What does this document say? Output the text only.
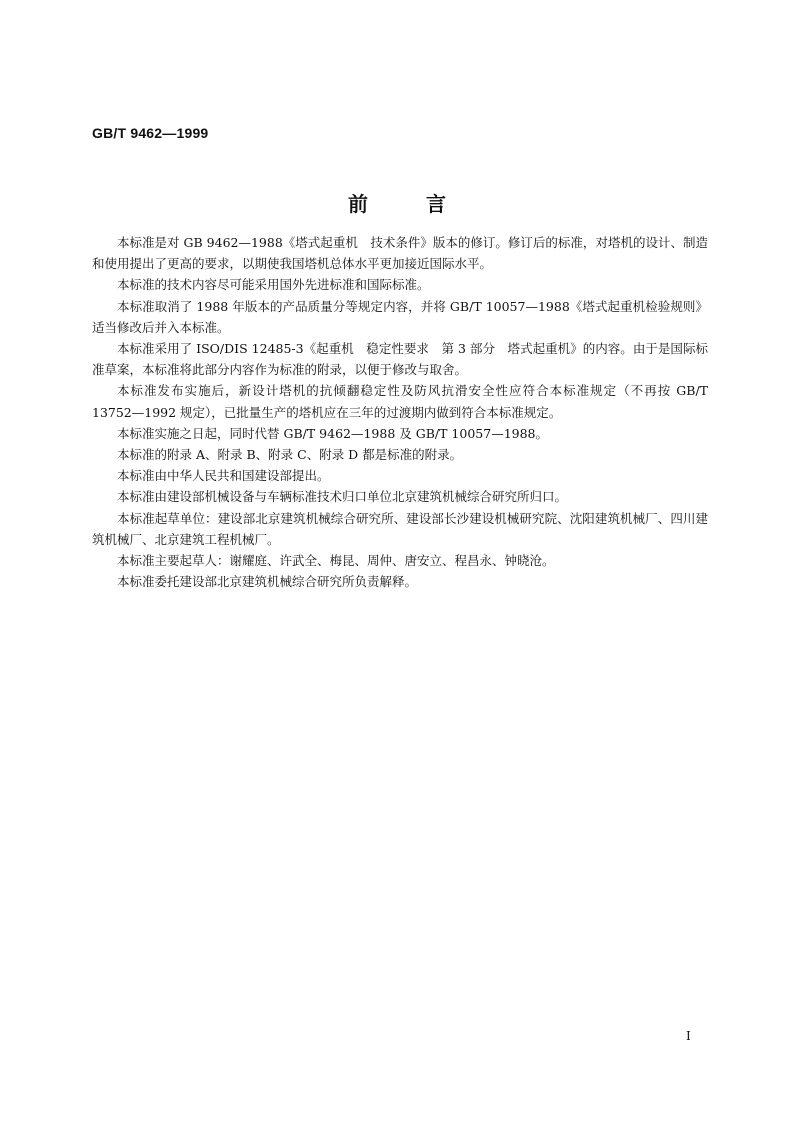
GB/T 9462—1999
前言

本标准是对 GB 9462—1988《塔式起重机　技术条件》版本的修订。修订后的标准，对塔机的设计、制造和使用提出了更高的要求，以期使我国塔机总体水平更加接近国际水平。

本标准的技术内容尽可能采用国外先进标准和国际标准。

本标准取消了 1988 年版本的产品质量分等规定内容，并将 GB/T 10057—1988《塔式起重机检验规则》适当修改后并入本标准。

本标准采用了 ISO/DIS 12485-3《起重机　稳定性要求　第 3 部分　塔式起重机》的内容。由于是国际标准草案，本标准将此部分内容作为标准的附录，以便于修改与取舍。

本标准发布实施后，新设计塔机的抗倾翻稳定性及防风抗滑安全性应符合本标准规定（不再按 GB/T 13752—1992 规定），已批量生产的塔机应在三年的过渡期内做到符合本标准规定。

本标准实施之日起，同时代替 GB/T 9462—1988 及 GB/T 10057—1988。

本标准的附录 A、附录 B、附录 C、附录 D 都是标准的附录。

本标准由中华人民共和国建设部提出。

本标准由建设部机械设备与车辆标准技术归口单位北京建筑机械综合研究所归口。

本标准起草单位：建设部北京建筑机械综合研究所、建设部长沙建设机械研究院、沈阳建筑机械厂、四川建筑机械厂、北京建筑工程机械厂。

本标准主要起草人：谢耀庭、许武全、梅昆、周仲、唐安立、程昌永、钟晓沧。

本标准委托建设部北京建筑机械综合研究所负责解释。

I
